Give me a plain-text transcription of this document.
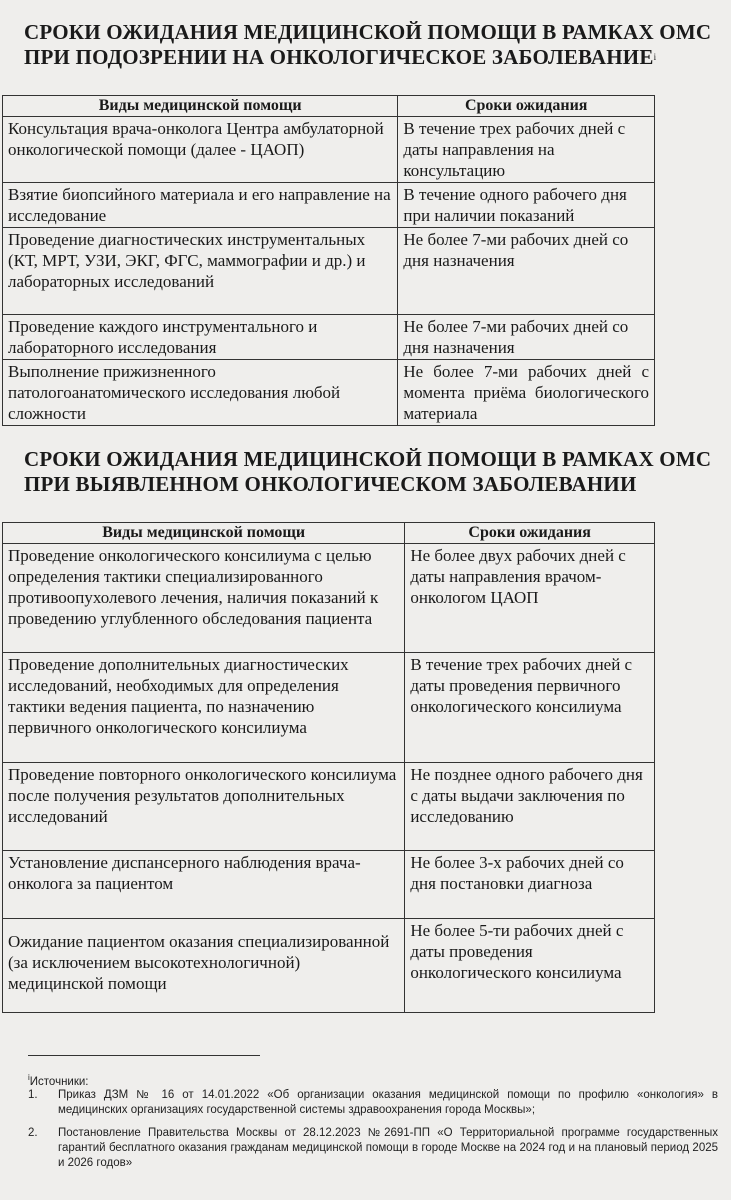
СРОКИ ОЖИДАНИЯ МЕДИЦИНСКОЙ ПОМОЩИ В РАМКАХ ОМС
ПРИ ПОДОЗРЕНИИ НА ОНКОЛОГИЧЕСКОЕ ЗАБОЛЕВАНИЕ$^i$
Виды медицинской помощи	Сроки ожидания
Консультация врача-онколога Центра амбулаторной онкологической помощи (далее - ЦАОП)	В течение трех рабочих дней с даты направления на консультацию
Взятие биопсийного материала и его направление на исследование	В течение одного рабочего дня при наличии показаний
Проведение диагностических инструментальных (КТ, МРТ, УЗИ, ЭКГ, ФГС, маммографии и др.) и лабораторных исследований	Не более 7-ми рабочих дней со дня назначения
Проведение каждого инструментального и лабораторного исследования	Не более 7-ми рабочих дней со дня назначения
Выполнение прижизненного патологоанатомического исследования любой сложности	Не более 7-ми рабочих дней с момента приёма биологического материала
СРОКИ ОЖИДАНИЯ МЕДИЦИНСКОЙ ПОМОЩИ В РАМКАХ ОМС
ПРИ ВЫЯВЛЕННОМ ОНКОЛОГИЧЕСКОМ ЗАБОЛЕВАНИИ
Виды медицинской помощи	Сроки ожидания
Проведение онкологического консилиума с целью определения тактики специализированного противоопухолевого лечения, наличия показаний к проведению углубленного обследования пациента	Не более двух рабочих дней с даты направления врачом-онкологом ЦАОП
Проведение дополнительных диагностических исследований, необходимых для определения тактики ведения пациента, по назначению первичного онкологического консилиума	В течение трех рабочих дней с даты проведения первичного онкологического консилиума
Проведение повторного онкологического консилиума после получения результатов дополнительных исследований	Не позднее одного рабочего дня с даты выдачи заключения по исследованию
Установление диспансерного наблюдения врача-онколога за пациентом	Не более 3-х рабочих дней со дня постановки диагноза
Ожидание пациентом оказания специализированной (за исключением высокотехнологичной) медицинской помощи	Не более 5-ти рабочих дней с даты проведения онкологического консилиума
$^i$Источники:
1. Приказ ДЗМ № 16 от 14.01.2022 «Об организации оказания медицинской помощи по профилю «онкология» в медицинских организациях государственной системы здравоохранения города Москвы»;
2. Постановление Правительства Москвы от 28.12.2023 №2691-ПП «О Территориальной программе государственных гарантий бесплатного оказания гражданам медицинской помощи в городе Москве на 2024 год и на плановый период 2025 и 2026 годов»
